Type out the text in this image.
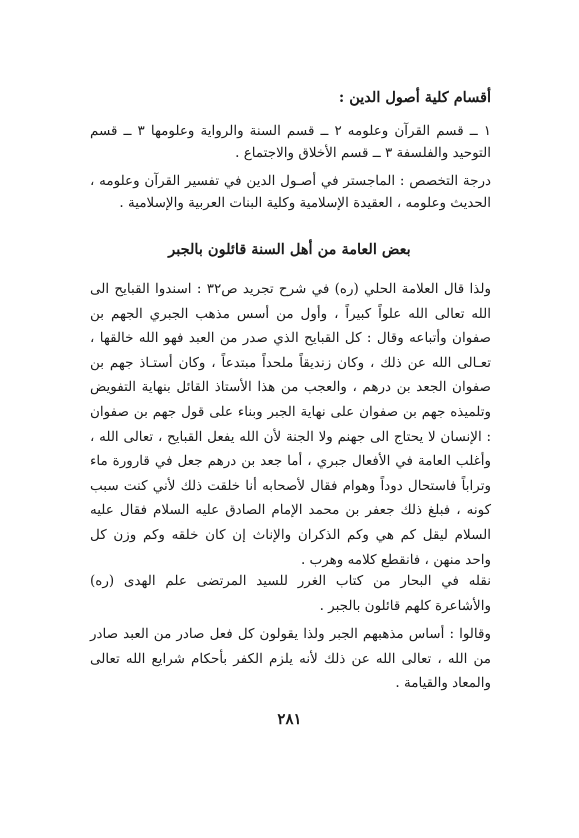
أقسام كلية أصول الدين :

١ ــ قسم القرآن وعلومه ٢ ــ قسم السنة والرواية وعلومها ٣ ــ قسم التوحيد والفلسفة ٣ ــ قسم الأخلاق والاجتماع .

درجة التخصص : الماجستر في أصـول الدين في تفسير القرآن وعلومه ، الحديث وعلومه ، العقيدة الإسلامية وكلية البنات العربية والإسلامية .

بعض العامة من أهل السنة قائلون بالجبر

ولذا قال العلامة الحلي (ره) في شرح تجريد ص٣٢ : اسندوا القبايح الى الله تعالى الله علواً كبيراً ، وأول من أسس مذهب الجبري الجهم بن صفوان وأتباعه وقال : كل القبايح الذي صدر من العبد فهو الله خالقها ، تعـالى الله عن ذلك ، وكان زنديقاً ملحداً مبتدعاً ، وكان أستـاذ جهم بن صفوان الجعد بن درهم ، والعجب من هذا الأستاذ القائل بنهاية التفويض وتلميذه جهم بن صفوان على نهاية الجبر وبناء على قول جهم بن صفوان : الإنسان لا يحتاج الى جهنم ولا الجنة لأن الله يفعل القبايح ، تعالى الله ، وأغلب العامة في الأفعال جبري ، أما جعد بن درهم جعل في قارورة ماء وتراباً فاستحال دوداً وهوام فقال لأصحابه أنا خلقت ذلك لأني كنت سبب كونه ، فبلغ ذلك جعفر بن محمد الإمام الصادق عليه السلام فقال عليه السلام ليقل كم هي وكم الذكران والإناث إن كان خلقه وكم وزن كل واحد منهن ، فانقطع كلامه وهرب .

نقله في البحار من كتاب الغرر للسيد المرتضى علم الهدى (ره) والأشاعرة كلهم قائلون بالجبر .

وقالوا : أساس مذهبهم الجبر ولذا يقولون كل فعل صادر من العبد صادر من الله ، تعالى الله عن ذلك لأنه يلزم الكفر بأحكام شرايع الله تعالى والمعاد والقيامة .

٢٨١
